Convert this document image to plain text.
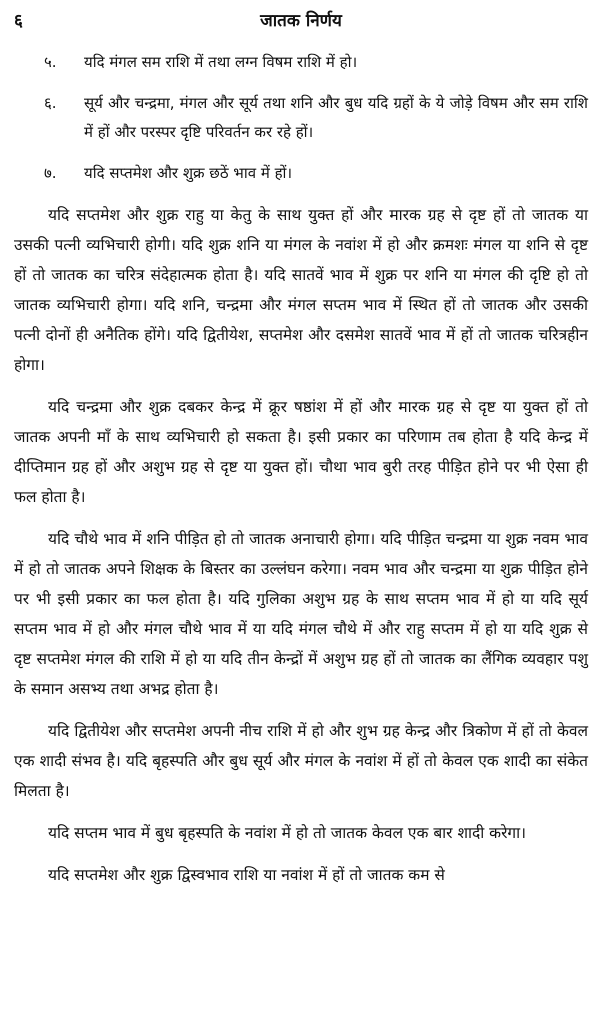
६	जातक निर्णय
५.	यदि मंगल सम राशि में तथा लग्न विषम राशि में हो।
६.	सूर्य और चन्द्रमा, मंगल और सूर्य तथा शनि और बुध यदि ग्रहों के ये जोड़े विषम और सम राशि में हों और परस्पर दृष्टि परिवर्तन कर रहे हों।
७.	यदि सप्तमेश और शुक्र छठें भाव में हों।

यदि सप्तमेश और शुक्र राहु या केतु के साथ युक्त हों और मारक ग्रह से दृष्ट हों तो जातक या उसकी पत्नी व्यभिचारी होगी। यदि शुक्र शनि या मंगल के नवांश में हो और क्रमशः मंगल या शनि से दृष्ट हों तो जातक का चरित्र संदेहात्मक होता है। यदि सातवें भाव में शुक्र पर शनि या मंगल की दृष्टि हो तो जातक व्यभिचारी होगा। यदि शनि, चन्द्रमा और मंगल सप्तम भाव में स्थित हों तो जातक और उसकी पत्नी दोनों ही अनैतिक होंगे। यदि द्वितीयेश, सप्तमेश और दसमेश सातवें भाव में हों तो जातक चरित्रहीन होगा।

यदि चन्द्रमा और शुक्र दबकर केन्द्र में क्रूर षष्ठांश में हों और मारक ग्रह से दृष्ट या युक्त हों तो जातक अपनी माँ के साथ व्यभिचारी हो सकता है। इसी प्रकार का परिणाम तब होता है यदि केन्द्र में दीप्तिमान ग्रह हों और अशुभ ग्रह से दृष्ट या युक्त हों। चौथा भाव बुरी तरह पीड़ित होने पर भी ऐसा ही फल होता है।

यदि चौथे भाव में शनि पीड़ित हो तो जातक अनाचारी होगा। यदि पीड़ित चन्द्रमा या शुक्र नवम भाव में हो तो जातक अपने शिक्षक के बिस्तर का उल्लंघन करेगा। नवम भाव और चन्द्रमा या शुक्र पीड़ित होने पर भी इसी प्रकार का फल होता है। यदि गुलिका अशुभ ग्रह के साथ सप्तम भाव में हो या यदि सूर्य सप्तम भाव में हो और मंगल चौथे भाव में या यदि मंगल चौथे में और राहु सप्तम में हो या यदि शुक्र से दृष्ट सप्तमेश मंगल की राशि में हो या यदि तीन केन्द्रों में अशुभ ग्रह हों तो जातक का लैंगिक व्यवहार पशु के समान असभ्य तथा अभद्र होता है।

यदि द्वितीयेश और सप्तमेश अपनी नीच राशि में हो और शुभ ग्रह केन्द्र और त्रिकोण में हों तो केवल एक शादी संभव है। यदि बृहस्पति और बुध सूर्य और मंगल के नवांश में हों तो केवल एक शादी का संकेत मिलता है।

यदि सप्तम भाव में बुध बृहस्पति के नवांश में हो तो जातक केवल एक बार शादी करेगा।

यदि सप्तमेश और शुक्र द्विस्वभाव राशि या नवांश में हों तो जातक कम से
